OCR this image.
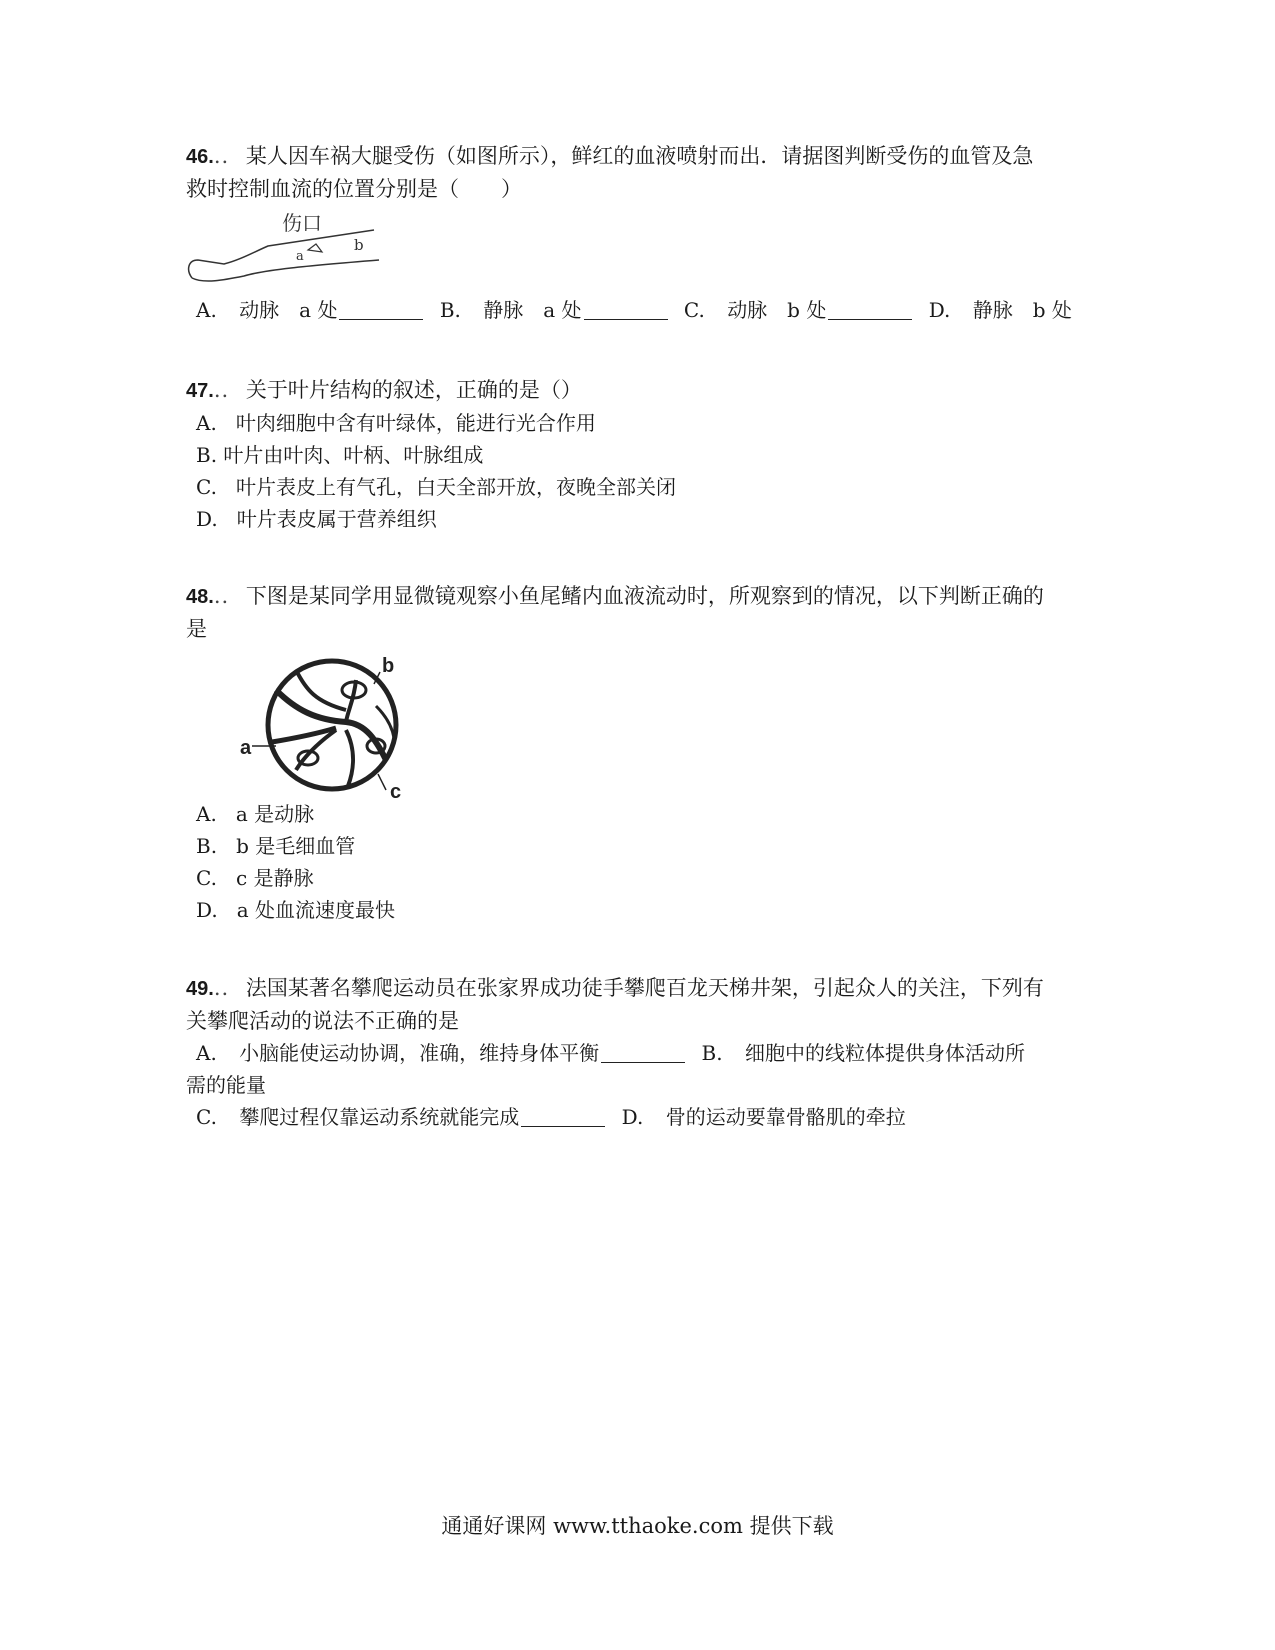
46... 某人因车祸大腿受伤（如图所示），鲜红的血液喷射而出．请据图判断受伤的血管及急
救时控制血流的位置分别是（　　）
伤口
a
b
A. 动脉　a 处	B. 静脉　a 处	C. 动脉　b 处	D. 静脉　b 处
47... 关于叶片结构的叙述，正确的是（）
A. 叶肉细胞中含有叶绿体，能进行光合作用
B. 叶片由叶肉、叶柄、叶脉组成
C. 叶片表皮上有气孔，白天全部开放，夜晚全部关闭
D. 叶片表皮属于营养组织
48... 下图是某同学用显微镜观察小鱼尾鳍内血液流动时，所观察到的情况，以下判断正确的
是
a
b
c
A. a 是动脉
B. b 是毛细血管
C. c 是静脉
D. a 处血流速度最快
49... 法国某著名攀爬运动员在张家界成功徒手攀爬百龙天梯井架，引起众人的关注，下列有
关攀爬活动的说法不正确的是
A. 小脑能使运动协调，准确，维持身体平衡	B. 细胞中的线粒体提供身体活动所
需的能量
C. 攀爬过程仅靠运动系统就能完成	D. 骨的运动要靠骨骼肌的牵拉
通通好课网 www.tthaoke.com 提供下载
